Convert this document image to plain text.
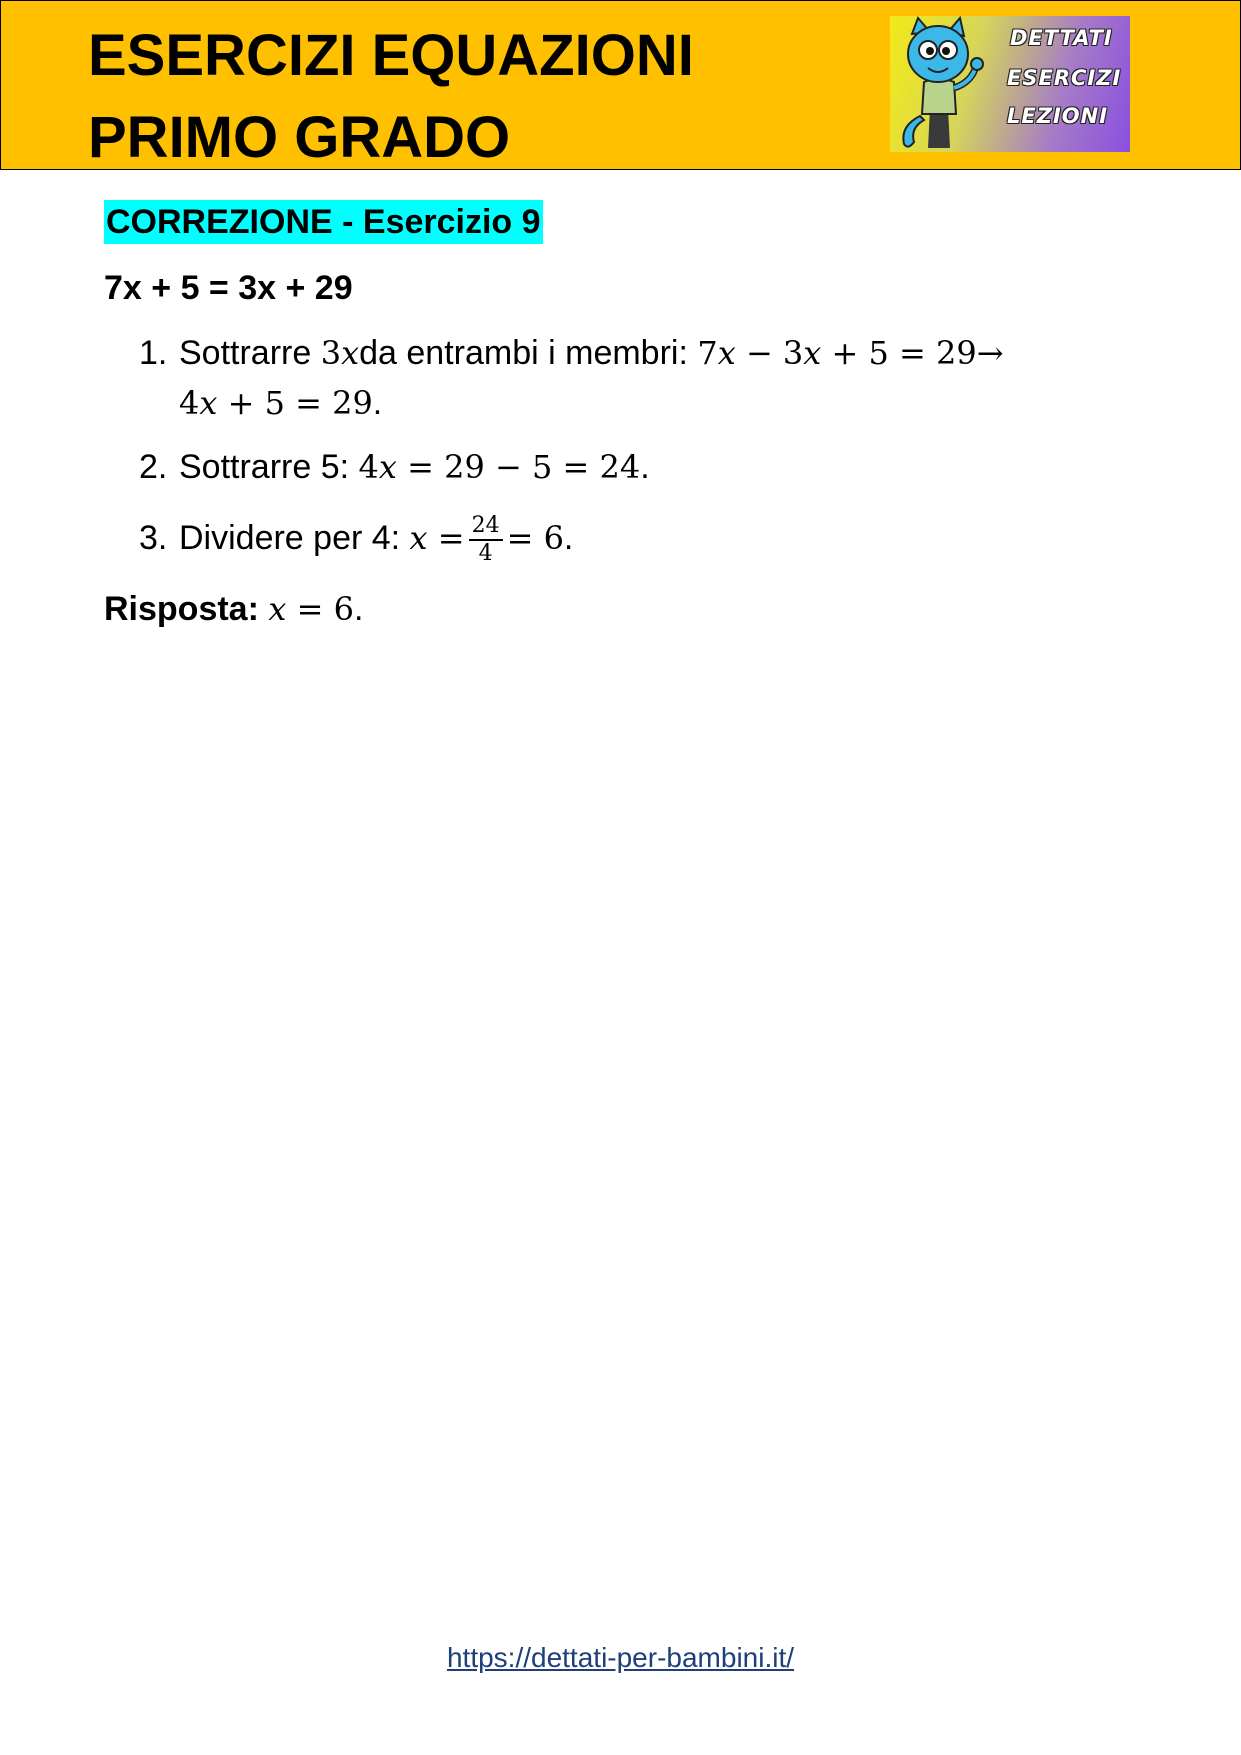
ESERCIZI EQUAZIONI
PRIMO GRADO
DETTATI
ESERCIZI
LEZIONI
CORREZIONE - Esercizio 9
7x + 5 = 3x + 29
1. Sottrarre 3𝑥da entrambi i membri: 7𝑥 − 3𝑥 + 5 = 29→
4𝑥 + 5 = 29.
2. Sottrarre 5: 4𝑥 = 29 − 5 = 24.
3. Dividere per 4: 𝑥 = $\frac{24}{4} = 6$.
Risposta: 𝑥 = 6.
https://dettati-per-bambini.it/
